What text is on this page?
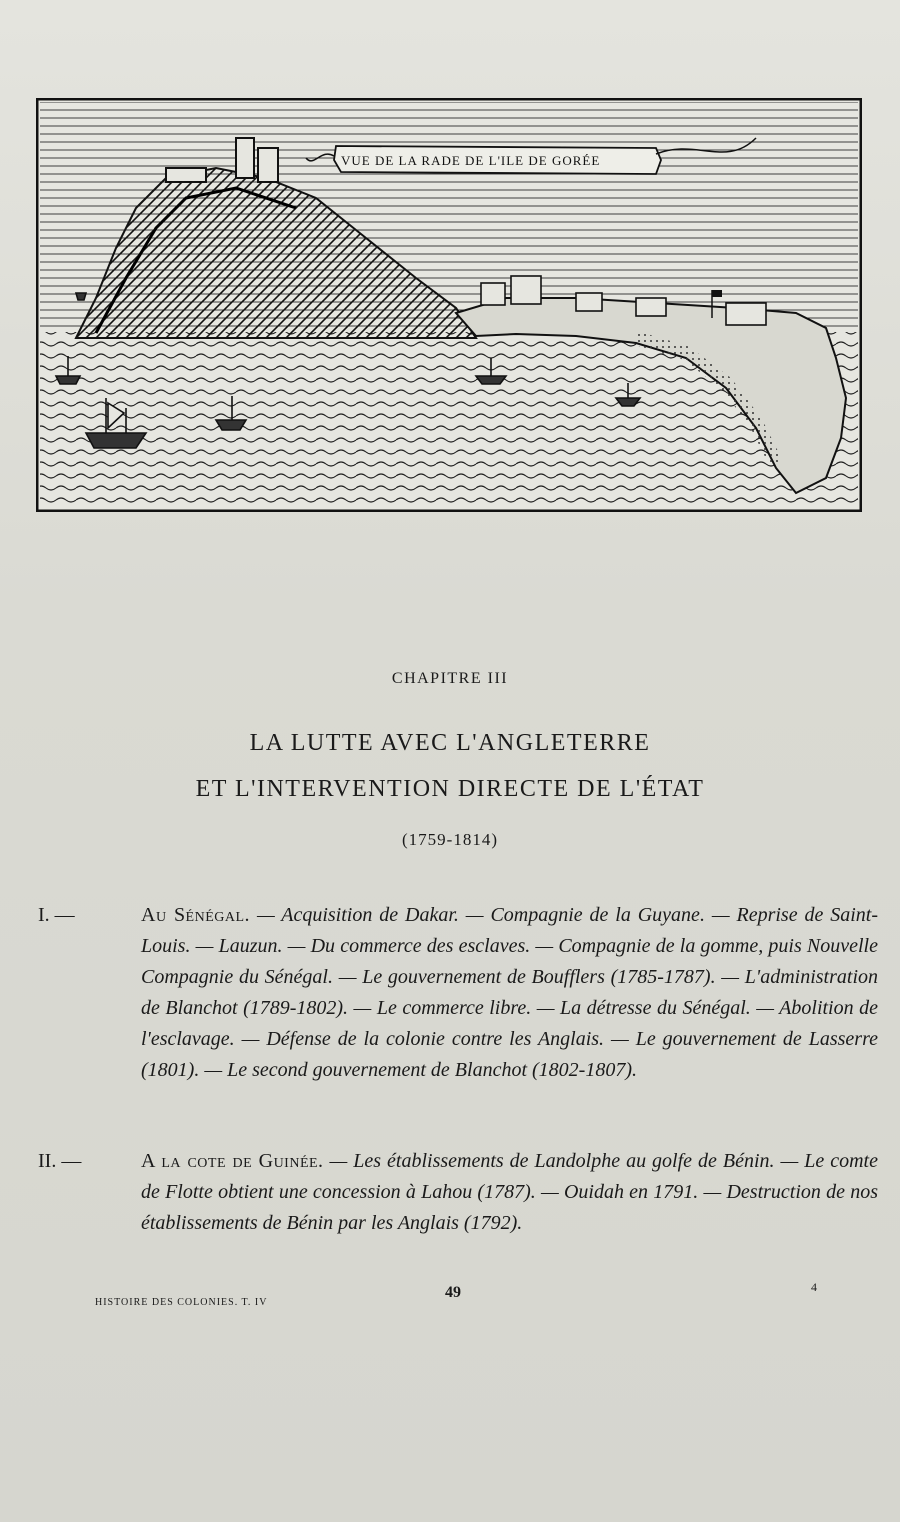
VUE DE LA RADE DE L'ILE DE GORÉE
CHAPITRE III
LA LUTTE AVEC L'ANGLETERRE
ET L'INTERVENTION DIRECTE DE L'ÉTAT
(1759-1814)
I. —	Au Sénégal. — Acquisition de Dakar. — Compagnie de la Guyane. — Reprise de Saint-Louis. — Lauzun. — Du commerce des esclaves. — Compagnie de la gomme, puis Nouvelle Compagnie du Sénégal. — Le gouvernement de Boufflers (1785-1787). — L'administration de Blanchot (1789-1802). — Le commerce libre. — La détresse du Sénégal. — Abolition de l'esclavage. — Défense de la colonie contre les Anglais. — Le gouvernement de Lasserre (1801). — Le second gouvernement de Blanchot (1802-1807).
II. —	A la cote de Guinée. — Les établissements de Landolphe au golfe de Bénin. — Le comte de Flotte obtient une concession à Lahou (1787). — Ouidah en 1791. — Destruction de nos établissements de Bénin par les Anglais (1792).
HISTOIRE DES COLONIES. T. IV
49	4
